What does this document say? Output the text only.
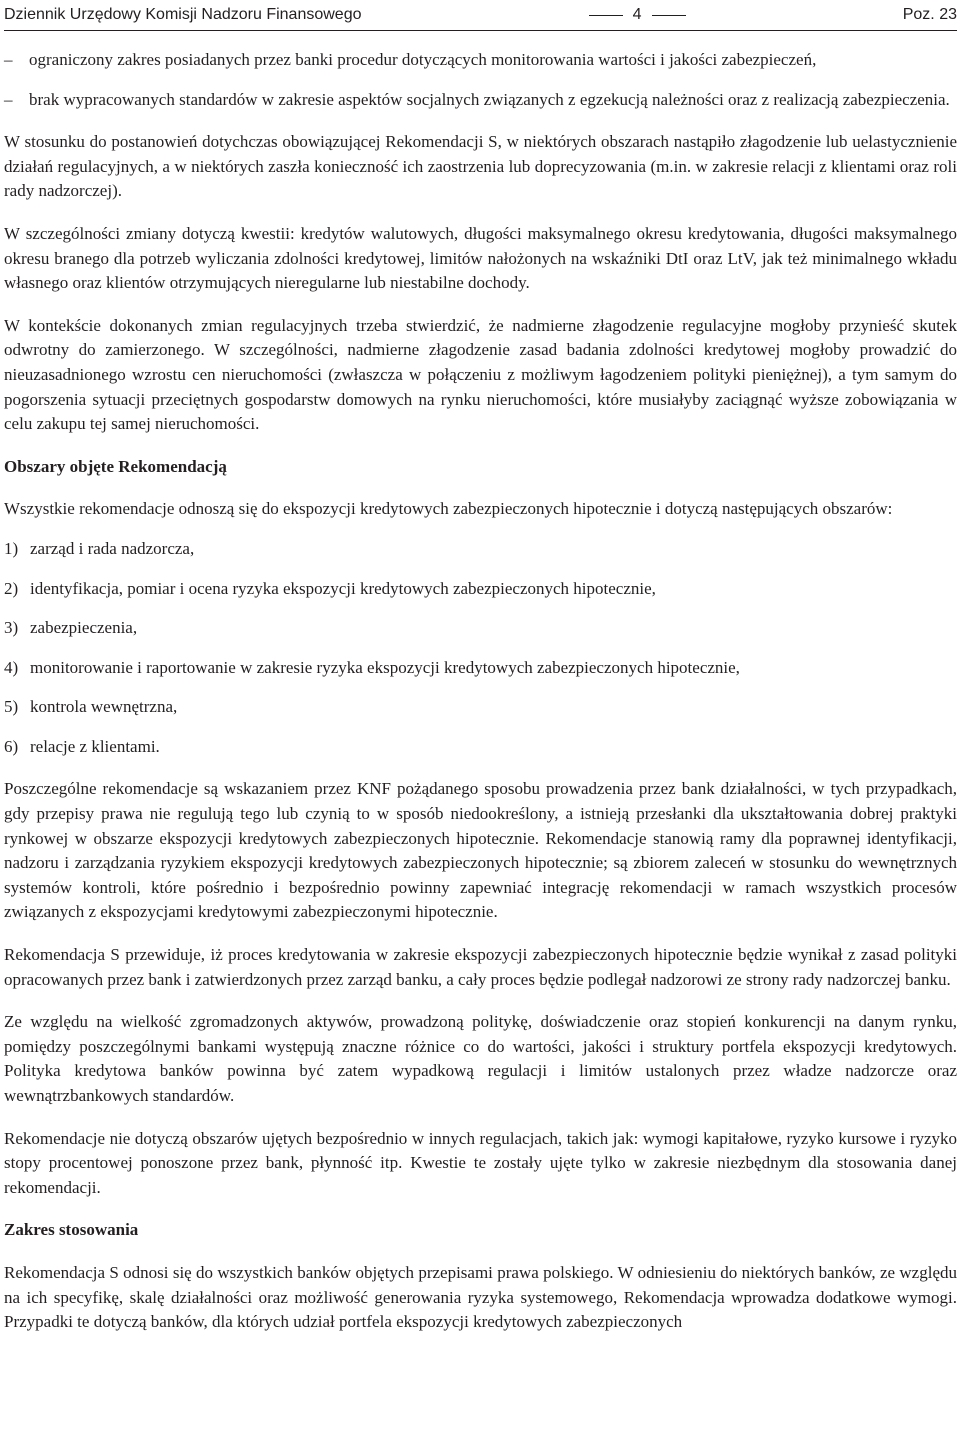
Dziennik Urzędowy Komisji Nadzoru Finansowego	4	Poz. 23
– ograniczony zakres posiadanych przez banki procedur dotyczących monitorowania wartości i jakości zabezpieczeń,
– brak wypracowanych standardów w zakresie aspektów socjalnych związanych z egzekucją należności oraz z realizacją zabezpieczenia.

W stosunku do postanowień dotychczas obowiązującej Rekomendacji S, w niektórych obszarach nastąpiło złagodzenie lub uelastycznienie działań regulacyjnych, a w niektórych zaszła konieczność ich zaostrzenia lub doprecyzowania (m.in. w zakresie relacji z klientami oraz roli rady nadzorczej).

W szczególności zmiany dotyczą kwestii: kredytów walutowych, długości maksymalnego okresu kredytowania, długości maksymalnego okresu branego dla potrzeb wyliczania zdolności kredytowej, limitów nałożonych na wskaźniki DtI oraz LtV, jak też minimalnego wkładu własnego oraz klientów otrzymujących nieregularne lub niestabilne dochody.

W kontekście dokonanych zmian regulacyjnych trzeba stwierdzić, że nadmierne złagodzenie regulacyjne mogłoby przynieść skutek odwrotny do zamierzonego. W szczególności, nadmierne złagodzenie zasad badania zdolności kredytowej mogłoby prowadzić do nieuzasadnionego wzrostu cen nieruchomości (zwłaszcza w połączeniu z możliwym łagodzeniem polityki pieniężnej), a tym samym do pogorszenia sytuacji przeciętnych gospodarstw domowych na rynku nieruchomości, które musiałyby zaciągnąć wyższe zobowiązania w celu zakupu tej samej nieruchomości.

Obszary objęte Rekomendacją

Wszystkie rekomendacje odnoszą się do ekspozycji kredytowych zabezpieczonych hipotecznie i dotyczą następujących obszarów:

1) zarząd i rada nadzorcza,
2) identyfikacja, pomiar i ocena ryzyka ekspozycji kredytowych zabezpieczonych hipotecznie,
3) zabezpieczenia,
4) monitorowanie i raportowanie w zakresie ryzyka ekspozycji kredytowych zabezpieczonych hipotecznie,
5) kontrola wewnętrzna,
6) relacje z klientami.

Poszczególne rekomendacje są wskazaniem przez KNF pożądanego sposobu prowadzenia przez bank działalności, w tych przypadkach, gdy przepisy prawa nie regulują tego lub czynią to w sposób niedookreślony, a istnieją przesłanki dla ukształtowania dobrej praktyki rynkowej w obszarze ekspozycji kredytowych zabezpieczonych hipotecznie. Rekomendacje stanowią ramy dla poprawnej identyfikacji, nadzoru i zarządzania ryzykiem ekspozycji kredytowych zabezpieczonych hipotecznie; są zbiorem zaleceń w stosunku do wewnętrznych systemów kontroli, które pośrednio i bezpośrednio powinny zapewniać integrację rekomendacji w ramach wszystkich procesów związanych z ekspozycjami kredytowymi zabezpieczonymi hipotecznie.

Rekomendacja S przewiduje, iż proces kredytowania w zakresie ekspozycji zabezpieczonych hipotecznie będzie wynikał z zasad polityki opracowanych przez bank i zatwierdzonych przez zarząd banku, a cały proces będzie podlegał nadzorowi ze strony rady nadzorczej banku.

Ze względu na wielkość zgromadzonych aktywów, prowadzoną politykę, doświadczenie oraz stopień konkurencji na danym rynku, pomiędzy poszczególnymi bankami występują znaczne różnice co do wartości, jakości i struktury portfela ekspozycji kredytowych. Polityka kredytowa banków powinna być zatem wypadkową regulacji i limitów ustalonych przez władze nadzorcze oraz wewnątrzbankowych standardów.

Rekomendacje nie dotyczą obszarów ujętych bezpośrednio w innych regulacjach, takich jak: wymogi kapitałowe, ryzyko kursowe i ryzyko stopy procentowej ponoszone przez bank, płynność itp. Kwestie te zostały ujęte tylko w zakresie niezbędnym dla stosowania danej rekomendacji.

Zakres stosowania

Rekomendacja S odnosi się do wszystkich banków objętych przepisami prawa polskiego. W odniesieniu do niektórych banków, ze względu na ich specyfikę, skalę działalności oraz możliwość generowania ryzyka systemowego, Rekomendacja wprowadza dodatkowe wymogi. Przypadki te dotyczą banków, dla których udział portfela ekspozycji kredytowych zabezpieczonych
